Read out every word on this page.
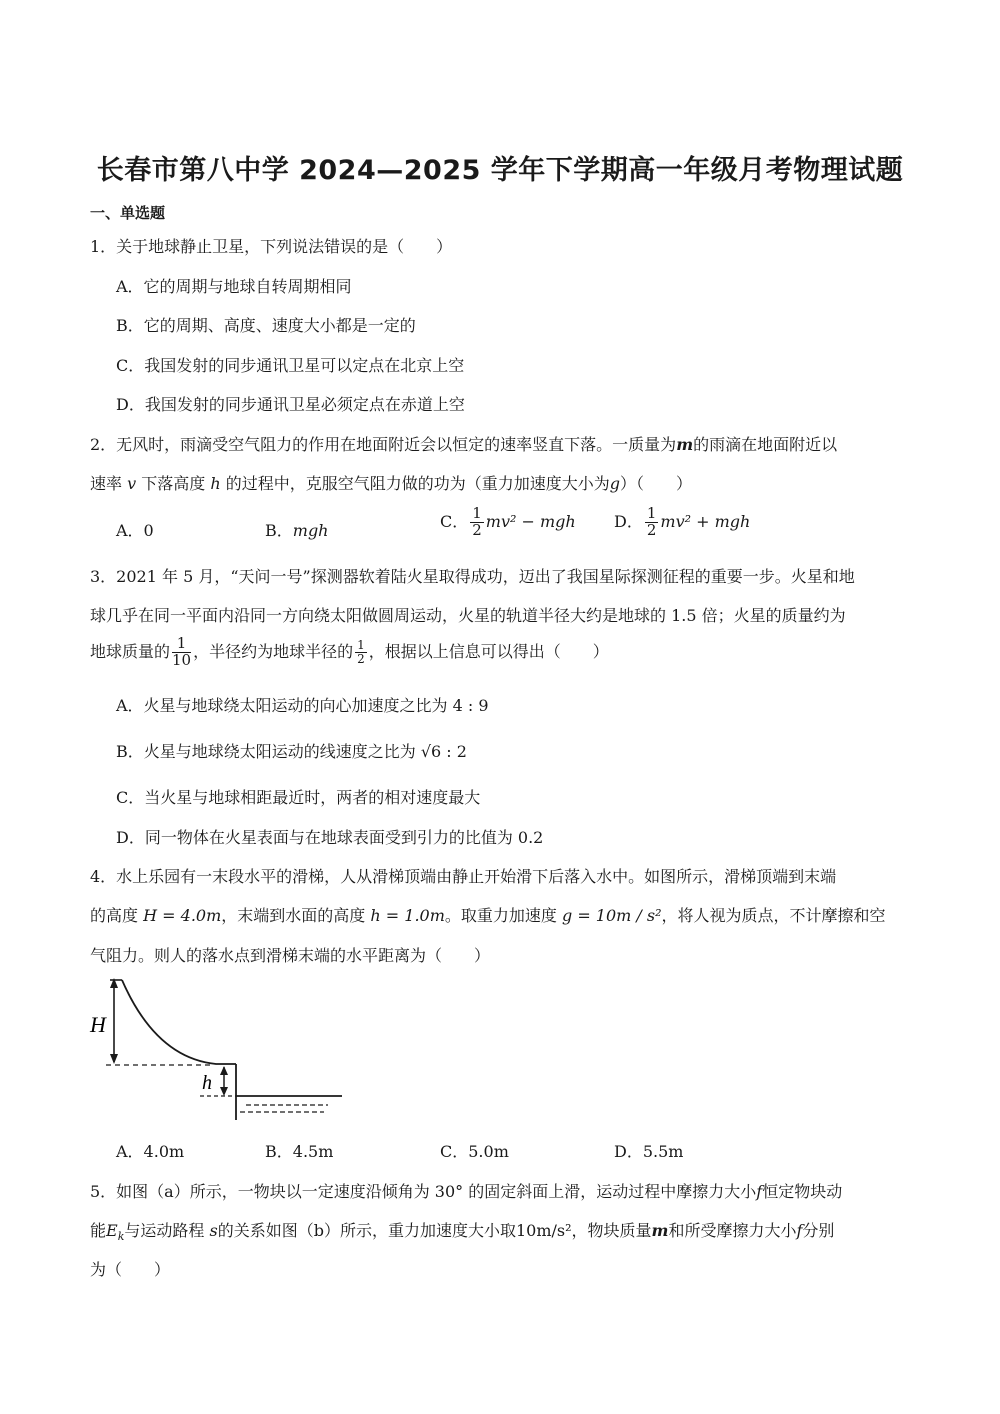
长春市第八中学 2024—2025 学年下学期高一年级月考物理试题
一、单选题
1．关于地球静止卫星，下列说法错误的是（　　）
A．它的周期与地球自转周期相同
B．它的周期、高度、速度大小都是一定的
C．我国发射的同步通讯卫星可以定点在北京上空
D．我国发射的同步通讯卫星必须定点在赤道上空
2．无风时，雨滴受空气阻力的作用在地面附近会以恒定的速率竖直下落。一质量为m的雨滴在地面附近以
速率 v 下落高度 h 的过程中，克服空气阻力做的功为（重力加速度大小为g）（　　）
A．0	B．mgh	C． $\frac{1}{2} mv^2$ − mgh D． $\frac{1}{2} mv^2$ + mgh
3．2021 年 5 月，“天问一号”探测器软着陆火星取得成功，迈出了我国星际探测征程的重要一步。火星和地
球几乎在同一平面内沿同一方向绕太阳做圆周运动，火星的轨道半径大约是地球的 1.5 倍；火星的质量约为
地球质量的 $\frac{1}{10}$ ，半径约为地球半径的 $\frac{1}{2}$ ，根据以上信息可以得出（　　）
A．火星与地球绕太阳运动的向心加速度之比为 4 : 9
B．火星与地球绕太阳运动的线速度之比为 √6 : 2
C．当火星与地球相距最近时，两者的相对速度最大
D．同一物体在火星表面与在地球表面受到引力的比值为 0.2
4．水上乐园有一末段水平的滑梯，人从滑梯顶端由静止开始滑下后落入水中。如图所示，滑梯顶端到末端
的高度 H = 4.0m，末端到水面的高度 h = 1.0m。取重力加速度 g = 10m / s²，将人视为质点，不计摩擦和空
气阻力。则人的落水点到滑梯末端的水平距离为（　　）
H
h
A．4.0m	B．4.5m	C．5.0m	D．5.5m
5．如图（a）所示，一物块以一定速度沿倾角为 30° 的固定斜面上滑，运动过程中摩擦力大小f恒定物块动
能$E_k$与运动路程 s的关系如图（b）所示，重力加速度大小取10m/s²，物块质量m和所受摩擦力大小f分别
为（　　）
